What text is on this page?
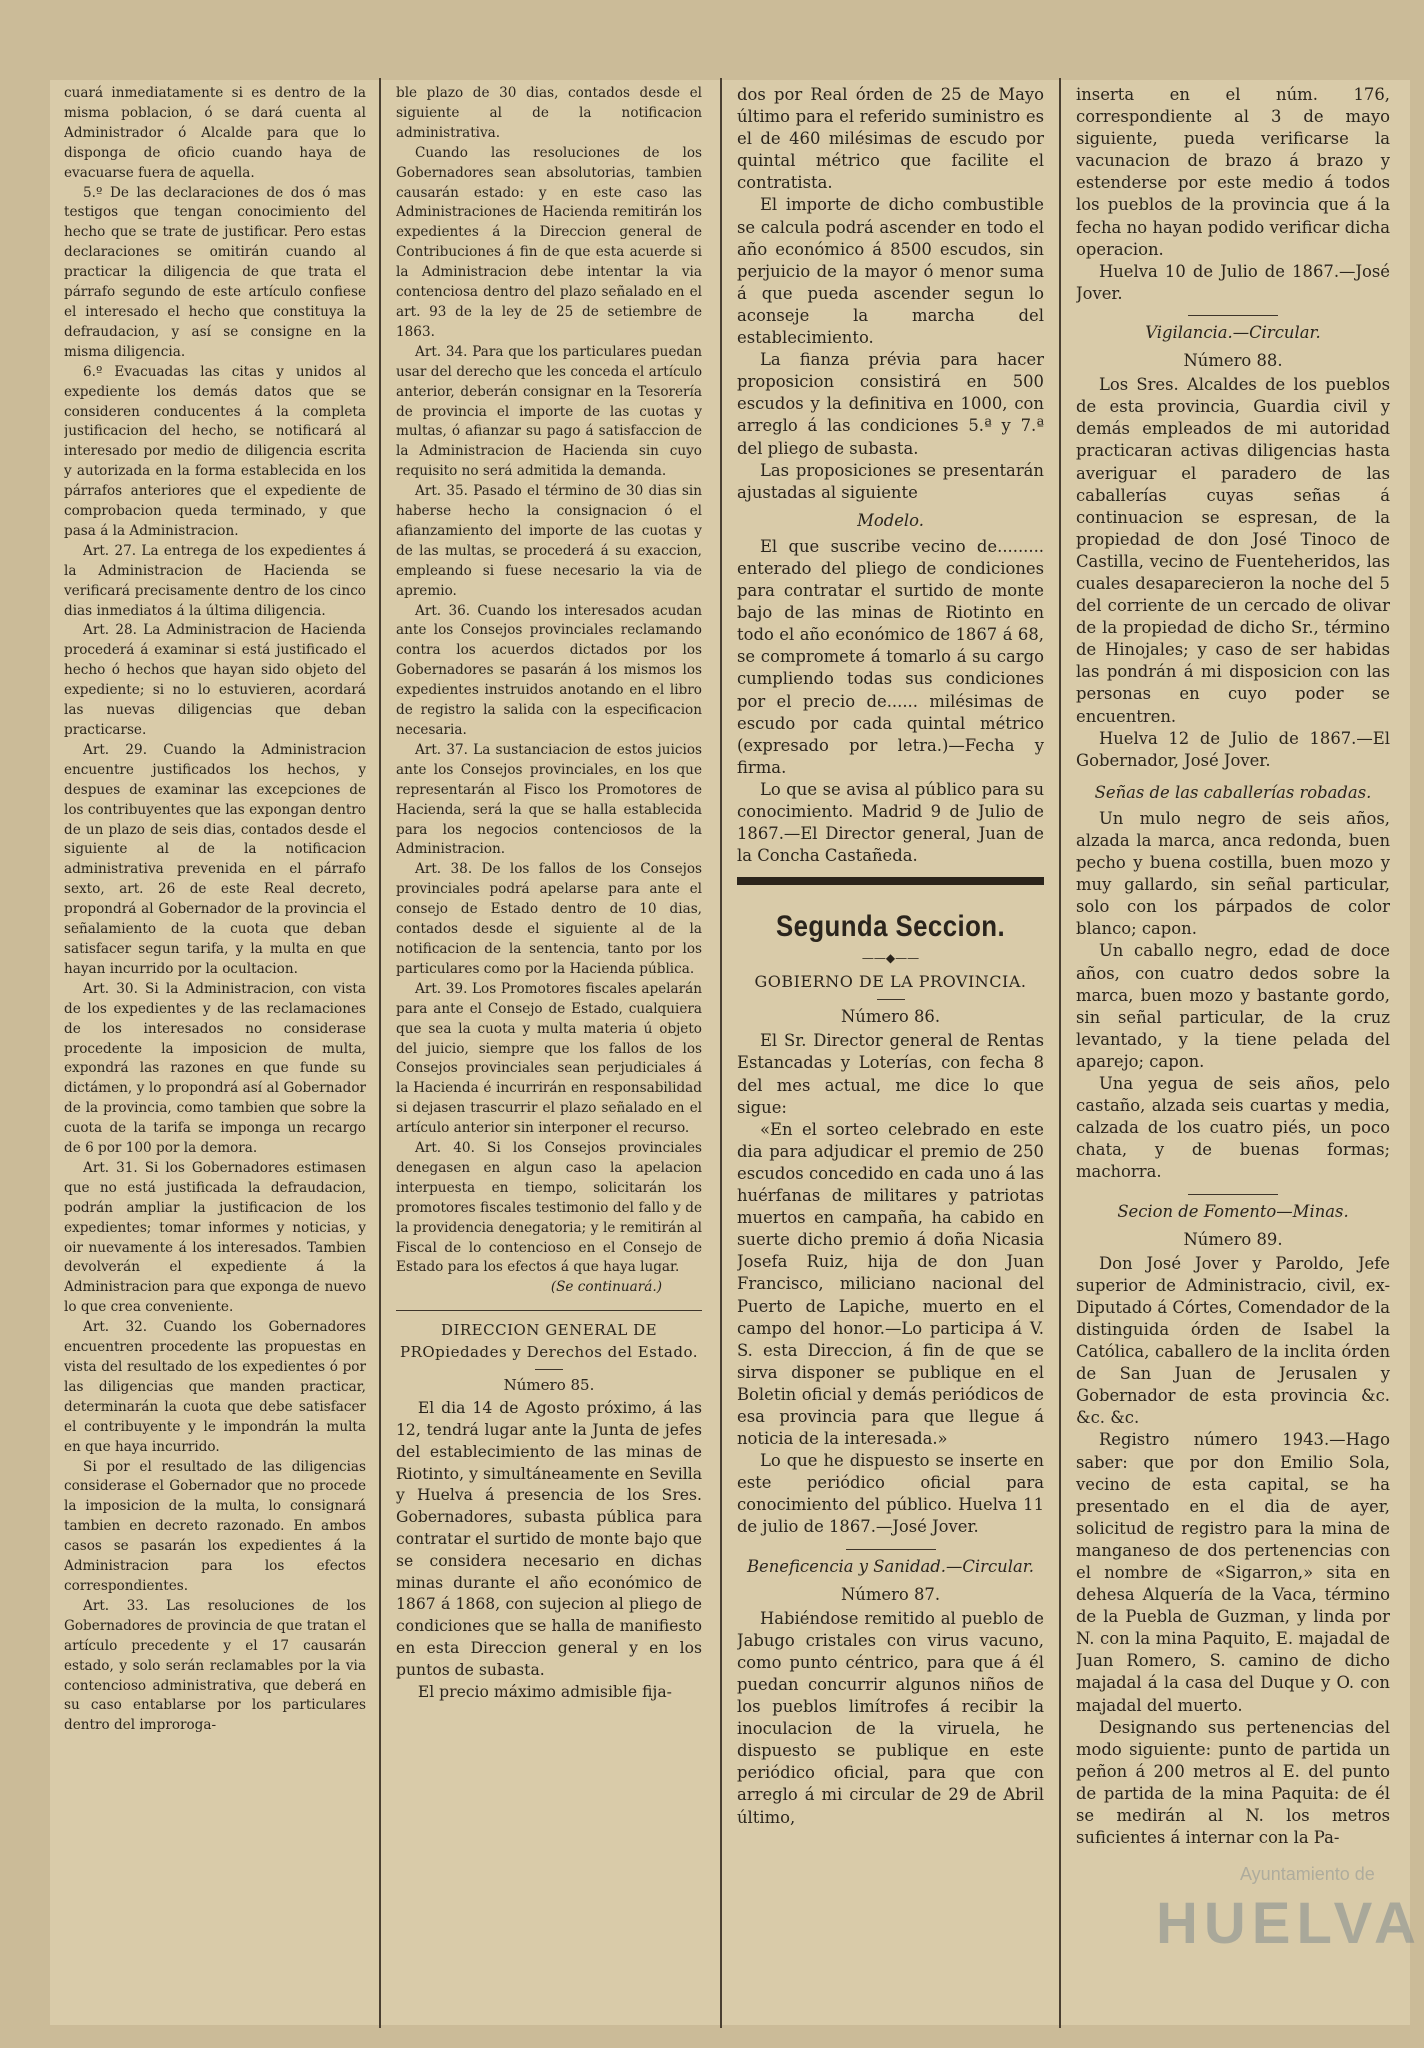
cuará inmediatamente si es dentro de la misma poblacion, ó se dará cuenta al Administrador ó Alcalde para que lo disponga de oficio cuando haya de evacuarse fuera de aquella.

5.º De las declaraciones de dos ó mas testigos que tengan conocimiento del hecho que se trate de justificar. Pero estas declaraciones se omitirán cuando al practicar la diligencia de que trata el párrafo segundo de este artículo confiese el interesado el hecho que constituya la defraudacion, y así se consigne en la misma diligencia.

6.º Evacuadas las citas y unidos al expediente los demás datos que se consideren conducentes á la completa justificacion del hecho, se notificará al interesado por medio de diligencia escrita y autorizada en la forma establecida en los párrafos anteriores que el expediente de comprobacion queda terminado, y que pasa á la Administracion.

Art. 27. La entrega de los expedientes á la Administracion de Hacienda se verificará precisamente dentro de los cinco dias inmediatos á la última diligencia.

Art. 28. La Administracion de Hacienda procederá á examinar si está justificado el hecho ó hechos que hayan sido objeto del expediente; si no lo estuvieren, acordará las nuevas diligencias que deban practicarse.

Art. 29. Cuando la Administracion encuentre justificados los hechos, y despues de examinar las excepciones de los contribuyentes que las expongan dentro de un plazo de seis dias, contados desde el siguiente al de la notificacion administrativa prevenida en el párrafo sexto, art. 26 de este Real decreto, propondrá al Gobernador de la provincia el señalamiento de la cuota que deban satisfacer segun tarifa, y la multa en que hayan incurrido por la ocultacion.

Art. 30. Si la Administracion, con vista de los expedientes y de las reclamaciones de los interesados no considerase procedente la imposicion de multa, expondrá las razones en que funde su dictámen, y lo propondrá así al Gobernador de la provincia, como tambien que sobre la cuota de la tarifa se imponga un recargo de 6 por 100 por la demora.

Art. 31. Si los Gobernadores estimasen que no está justificada la defraudacion, podrán ampliar la justificacion de los expedientes; tomar informes y noticias, y oir nuevamente á los interesados. Tambien devolverán el expediente á la Administracion para que exponga de nuevo lo que crea conveniente.

Art. 32. Cuando los Gobernadores encuentren procedente las propuestas en vista del resultado de los expedientes ó por las diligencias que manden practicar, determinarán la cuota que debe satisfacer el contribuyente y le impondrán la multa en que haya incurrido.

Si por el resultado de las diligencias considerase el Gobernador que no procede la imposicion de la multa, lo consignará tambien en decreto razonado. En ambos casos se pasarán los expedientes á la Administracion para los efectos correspondientes.

Art. 33. Las resoluciones de los Gobernadores de provincia de que tratan el artículo precedente y el 17 causarán estado, y solo serán reclamables por la via contencioso administrativa, que deberá en su caso entablarse por los particulares dentro del improroga-

ble plazo de 30 dias, contados desde el siguiente al de la notificacion administrativa.

Cuando las resoluciones de los Gobernadores sean absolutorias, tambien causarán estado: y en este caso las Administraciones de Hacienda remitirán los expedientes á la Direccion general de Contribuciones á fin de que esta acuerde si la Administracion debe intentar la via contenciosa dentro del plazo señalado en el art. 93 de la ley de 25 de setiembre de 1863.

Art. 34. Para que los particulares puedan usar del derecho que les conceda el artículo anterior, deberán consignar en la Tesorería de provincia el importe de las cuotas y multas, ó afianzar su pago á satisfaccion de la Administracion de Hacienda sin cuyo requisito no será admitida la demanda.

Art. 35. Pasado el término de 30 dias sin haberse hecho la consignacion ó el afianzamiento del importe de las cuotas y de las multas, se procederá á su exaccion, empleando si fuese necesario la via de apremio.

Art. 36. Cuando los interesados acudan ante los Consejos provinciales reclamando contra los acuerdos dictados por los Gobernadores se pasarán á los mismos los expedientes instruidos anotando en el libro de registro la salida con la especificacion necesaria.

Art. 37. La sustanciacion de estos juicios ante los Consejos provinciales, en los que representarán al Fisco los Promotores de Hacienda, será la que se halla establecida para los negocios contenciosos de la Administracion.

Art. 38. De los fallos de los Consejos provinciales podrá apelarse para ante el consejo de Estado dentro de 10 dias, contados desde el siguiente al de la notificacion de la sentencia, tanto por los particulares como por la Hacienda pública.

Art. 39. Los Promotores fiscales apelarán para ante el Consejo de Estado, cualquiera que sea la cuota y multa materia ú objeto del juicio, siempre que los fallos de los Consejos provinciales sean perjudiciales á la Hacienda é incurrirán en responsabilidad si dejasen trascurrir el plazo señalado en el artículo anterior sin interponer el recurso.

Art. 40. Si los Consejos provinciales denegasen en algun caso la apelacion interpuesta en tiempo, solicitarán los promotores fiscales testimonio del fallo y de la providencia denegatoria; y le remitirán al Fiscal de lo contencioso en el Consejo de Estado para los efectos á que haya lugar.

(Se continuará.)
DIRECCION GENERAL DE PROpiedades y Derechos del Estado.
Número 85.

El dia 14 de Agosto próximo, á las 12, tendrá lugar ante la Junta de jefes del establecimiento de las minas de Riotinto, y simultáneamente en Sevilla y Huelva á presencia de los Sres. Gobernadores, subasta pública para contratar el surtido de monte bajo que se considera necesario en dichas minas durante el año económico de 1867 á 1868, con sujecion al pliego de condiciones que se halla de manifiesto en esta Direccion general y en los puntos de subasta.

El precio máximo admisible fija-

dos por Real órden de 25 de Mayo último para el referido suministro es el de 460 milésimas de escudo por quintal métrico que facilite el contratista.

El importe de dicho combustible se calcula podrá ascender en todo el año económico á 8500 escudos, sin perjuicio de la mayor ó menor suma á que pueda ascender segun lo aconseje la marcha del establecimiento.

La fianza prévia para hacer proposicion consistirá en 500 escudos y la definitiva en 1000, con arreglo á las condiciones 5.ª y 7.ª del pliego de subasta.

Las proposiciones se presentarán ajustadas al siguiente

Modelo.

El que suscribe vecino de......... enterado del pliego de condiciones para contratar el surtido de monte bajo de las minas de Riotinto en todo el año económico de 1867 á 68, se compromete á tomarlo á su cargo cumpliendo todas sus condiciones por el precio de...... milésimas de escudo por cada quintal métrico (expresado por letra.)—Fecha y firma.

Lo que se avisa al público para su conocimiento. Madrid 9 de Julio de 1867.—El Director general, Juan de la Concha Castañeda.

Segunda Seccion.
——◆——
GOBIERNO DE LA PROVINCIA.
Número 86.

El Sr. Director general de Rentas Estancadas y Loterías, con fecha 8 del mes actual, me dice lo que sigue:

«En el sorteo celebrado en este dia para adjudicar el premio de 250 escudos concedido en cada uno á las huérfanas de militares y patriotas muertos en campaña, ha cabido en suerte dicho premio á doña Nicasia Josefa Ruiz, hija de don Juan Francisco, miliciano nacional del Puerto de Lapiche, muerto en el campo del honor.—Lo participa á V. S. esta Direccion, á fin de que se sirva disponer se publique en el Boletin oficial y demás periódicos de esa provincia para que llegue á noticia de la interesada.»

Lo que he dispuesto se inserte en este periódico oficial para conocimiento del público. Huelva 11 de julio de 1867.—José Jover.

Beneficencia y Sanidad.—Circular.
Número 87.

Habiéndose remitido al pueblo de Jabugo cristales con virus vacuno, como punto céntrico, para que á él puedan concurrir algunos niños de los pueblos limítrofes á recibir la inoculacion de la viruela, he dispuesto se publique en este periódico oficial, para que con arreglo á mi circular de 29 de Abril último,

inserta en el núm. 176, correspondiente al 3 de mayo siguiente, pueda verificarse la vacunacion de brazo á brazo y estenderse por este medio á todos los pueblos de la provincia que á la fecha no hayan podido verificar dicha operacion.

Huelva 10 de Julio de 1867.—José Jover.

Vigilancia.—Circular.
Número 88.

Los Sres. Alcaldes de los pueblos de esta provincia, Guardia civil y demás empleados de mi autoridad practicaran activas diligencias hasta averiguar el paradero de las caballerías cuyas señas á continuacion se espresan, de la propiedad de don José Tinoco de Castilla, vecino de Fuenteheridos, las cuales desaparecieron la noche del 5 del corriente de un cercado de olivar de la propiedad de dicho Sr., término de Hinojales; y caso de ser habidas las pondrán á mi disposicion con las personas en cuyo poder se encuentren.

Huelva 12 de Julio de 1867.—El Gobernador, José Jover.

Señas de las caballerías robadas.

Un mulo negro de seis años, alzada la marca, anca redonda, buen pecho y buena costilla, buen mozo y muy gallardo, sin señal particular, solo con los párpados de color blanco; capon.

Un caballo negro, edad de doce años, con cuatro dedos sobre la marca, buen mozo y bastante gordo, sin señal particular, de la cruz levantado, y la tiene pelada del aparejo; capon.

Una yegua de seis años, pelo castaño, alzada seis cuartas y media, calzada de los cuatro piés, un poco chata, y de buenas formas; machorra.

Secion de Fomento—Minas.
Número 89.

Don José Jover y Paroldo, Jefe superior de Administracio, civil, ex-Diputado á Córtes, Comendador de la distinguida órden de Isabel la Católica, caballero de la inclita órden de San Juan de Jerusalen y Gobernador de esta provincia &c. &c. &c.

Registro número 1943.—Hago saber: que por don Emilio Sola, vecino de esta capital, se ha presentado en el dia de ayer, solicitud de registro para la mina de manganeso de dos pertenencias con el nombre de «Sigarron,» sita en dehesa Alquería de la Vaca, término de la Puebla de Guzman, y linda por N. con la mina Paquito, E. majadal de Juan Romero, S. camino de dicho majadal á la casa del Duque y O. con majadal del muerto.

Designando sus pertenencias del modo siguiente: punto de partida un peñon á 200 metros al E. del punto de partida de la mina Paquita: de él se medirán al N. los metros suficientes á internar con la Pa-

Ayuntamiento de
HUELVA
